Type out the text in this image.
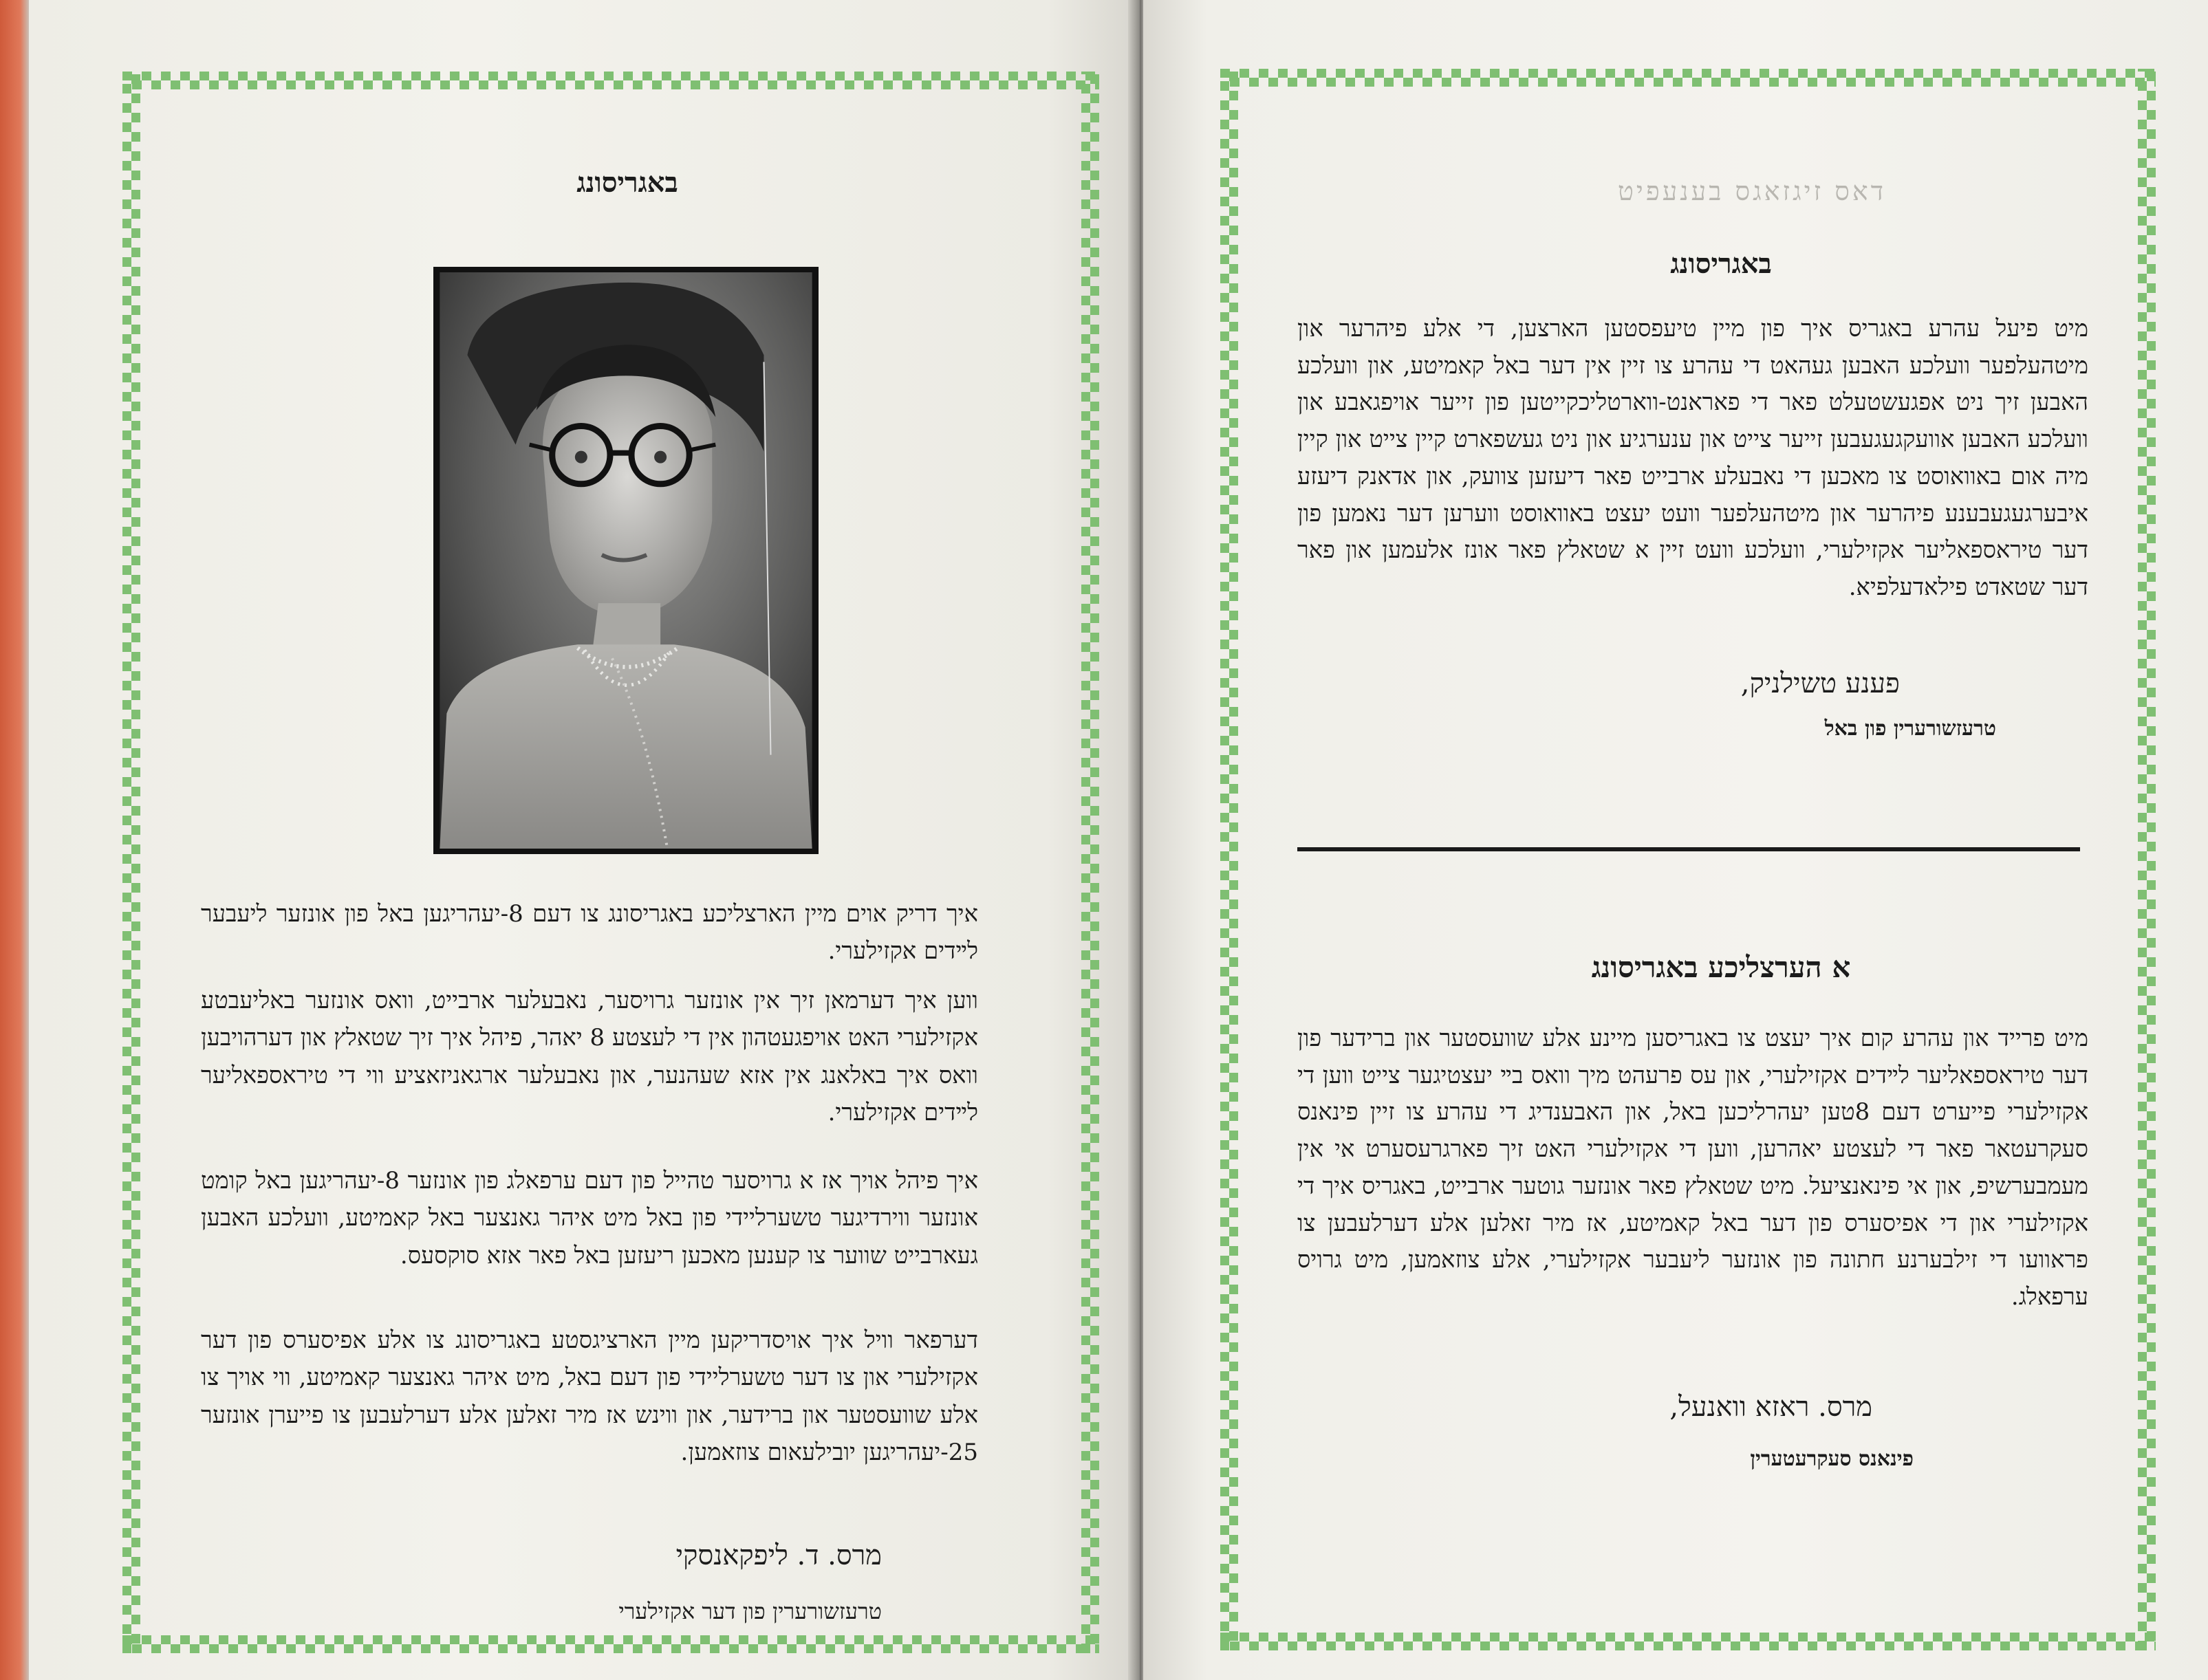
באגריסונג
איך דריק אוים מיין הארצליכע באגריסונג צו דעם 8-יעהריגען באל פון אונזער ליעבער לײדים אקזילערי.
ווען איך דערמאן זיך אין אונזער גרויסער, נאבעלער ארבייט, וואס אונזער באליעבטע אקזילערי האט אויפגעטהון אין די לעצטע 8 יאהר, פיהל איך זיך שטאלץ און דערהויבען וואס איך באלאנג אין אזא שעהנער, און נאבעלער ארגאניזאציע ווי די טיראספאליער לײדים אקזילערי.
איך פיהל אויך אז א גרויסער טהייל פון דעם ערפאלג פון אונזער 8-יעהריגען באל קומט אונזער ווירדיגער טשערליידי פון באל מיט איהר גאנצער באל קאמיטע, וועלכע האבען געארבייט שווער צו קענען מאכען ריעזען באל פאר אזא סוקסעס.
דערפאר וויל איך אויסדריקען מיין הארציגסטע באגריסונג צו אלע אפיסערס פון דער אקזילערי און צו דער טשערליידי פון דעם באל, מיט איהר גאנצער קאמיטע, ווי אויך צו אלע שוועסטער און ברידער, און ווינש אז מיר זאלען אלע דערלעבען צו פייערן אונזער 25-יעהריגען יובילעאום צוזאמען.
מרס. ד. ליפקאנסקי
טרעזשורערין פון דער אקזילערי
דאס זיגזאגס בענעפיט
באגריסונג
מיט פיעל עהרע באגריס איך פון מיין טיעפסטען הארצען, די אלע פיהרער און מיטהעלפער וועלכע האבען געהאט די עהרע צו זיין אין דער באל קאמיטע, און וועלכע האבען זיך ניט אפגעשטעלט פאר די פאראנט-ווארטליכקייטען פון זייער אויפגאבע און וועלכע האבען אוועקגעגעבען זייער צייט און ענערגיע און ניט געשפארט קיין צייט און קיין מיה אום באוואוסט צו מאכען די נאבעלע ארבייט פאר דיעזען צוועק, און אדאנק דיעזע איבערגעגעבענע פיהרער און מיטהעלפער וועט יעצט באוואוסט ווערען דער נאמען פון דער טיראספאליער אקזילערי, וועלכע וועט זיין א שטאלץ פאר אונז אלעמען און פאר דער שטאדט פילאדעלפיא.
פענע טשילניק,
טרעזשורערין פון באל
א הערצליכע באגריסונג
מיט פרייד און עהרע קום איך יעצט צו באגריסען מיינע אלע שוועסטער און ברידער פון דער טיראספאליער לײדים אקזילערי, און עס פרעהט מיך וואס בײ יעצטיגער צייט ווען די אקזילערי פייערט דעם 8טען יעהרליכען באל, און האבענדיג די עהרע צו זיין פינאנס סעקרעטאר פאר די לעצטע יאהרען, ווען די אקזילערי האט זיך פארגרעסערט אי אין מעמבערשיפ, און אי פינאנציעל. מיט שטאלץ פאר אונזער גוטער ארבייט, באגריס איך די אקזילערי און די אפיסערס פון דער באל קאמיטע, אז מיר זאלען אלע דערלעבען צו פראוועו די זילבערנע חתונה פון אונזער ליעבער אקזילערי, אלע צוזאמען, מיט גרויס ערפאלג.
מרס. ראזא וואנעל,
פינאנס סעקרעטערין
